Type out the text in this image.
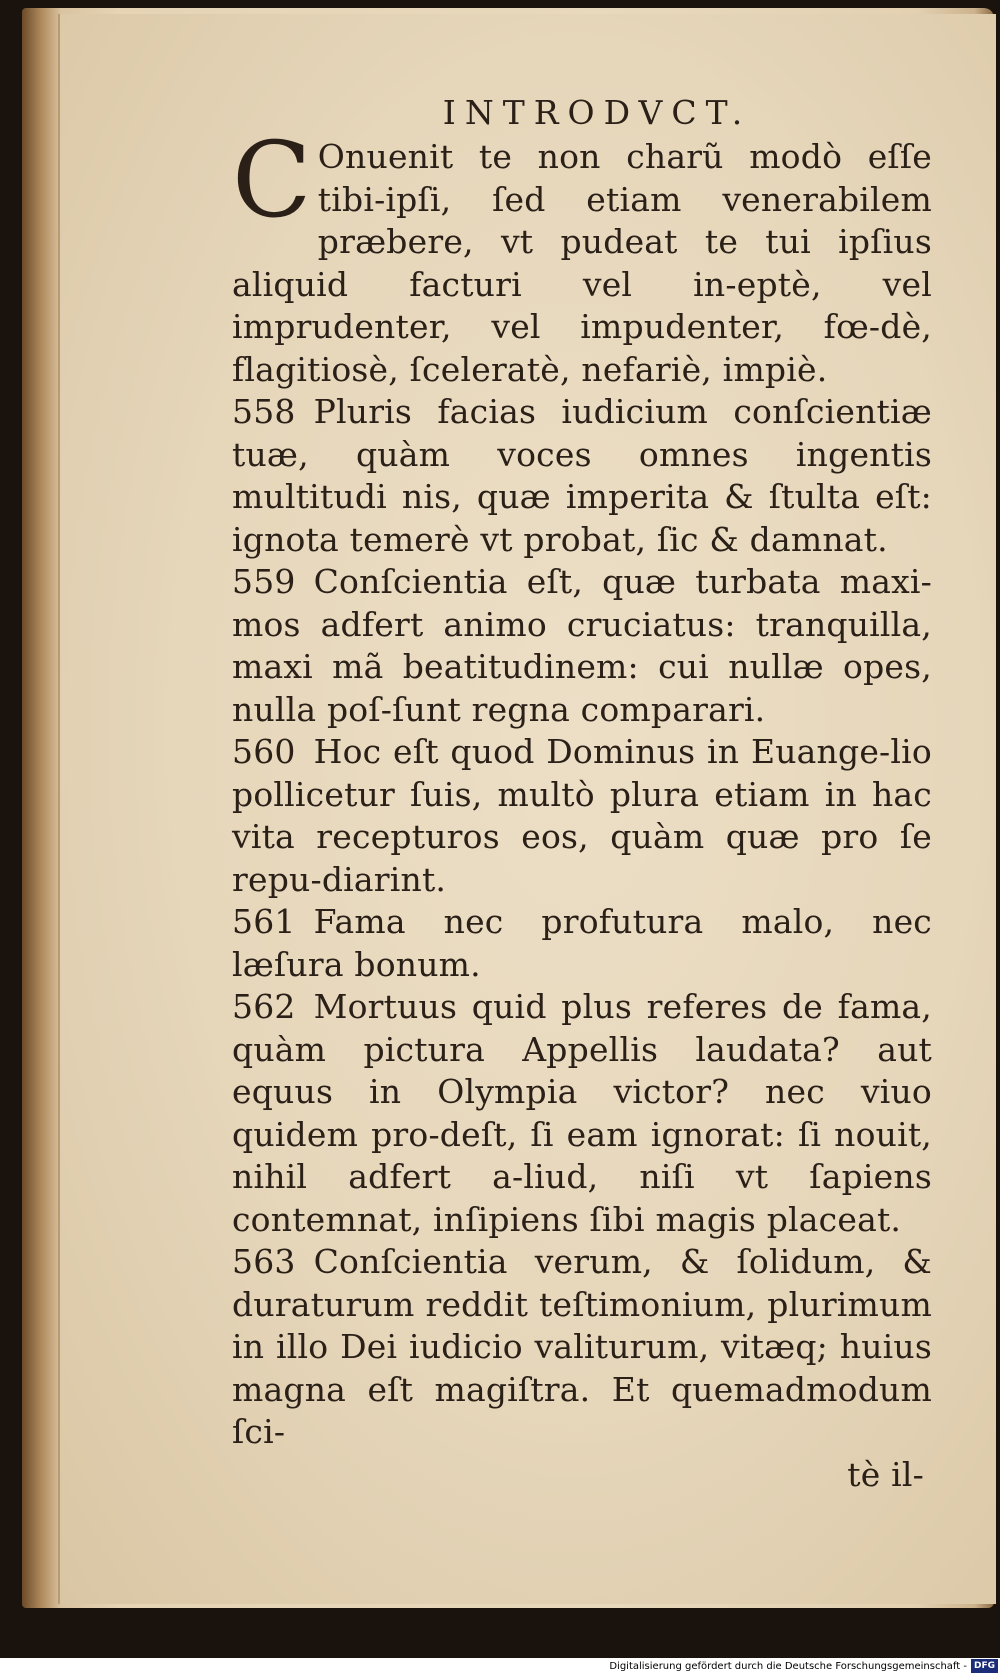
INTRODVCT.

C Onuenit te non charũ modò eſſe tibi-ipſi, ſed etiam venerabilem præbere, vt pudeat te tui ipſius aliquid facturi vel in-eptè, vel imprudenter, vel impudenter, fœ-dè, flagitiosè, ſceleratè, nefariè, impiè.

558 Pluris facias iudicium conſcientiæ tuæ, quàm voces omnes ingentis multitudi nis, quæ imperita & ſtulta eſt: ignota temerè vt probat, ſic & damnat.

559 Conſcientia eſt, quæ turbata maxi-mos adfert animo cruciatus: tranquilla, maxi mã beatitudinem: cui nullæ opes, nulla poſ-ſunt regna comparari.

560 Hoc eſt quod Dominus in Euange-lio pollicetur ſuis, multò plura etiam in hac vita recepturos eos, quàm quæ pro ſe repu-diarint.

561 Fama nec profutura malo, nec læſura bonum.

562 Mortuus quid plus referes de fama, quàm pictura Appellis laudata? aut equus in Olympia victor? nec viuo quidem pro-deſt, ſi eam ignorat: ſi nouit, nihil adfert a-liud, niſi vt ſapiens contemnat, inſipiens ſibi magis placeat.

563 Conſcientia verum, & ſolidum, & duraturum reddit teſtimonium, plurimum in illo Dei iudicio valiturum, vitæq; huius magna eſt magiſtra. Et quemadmodum ſci-

tè il-
Digitalisierung gefördert durch die Deutsche Forschungsgemeinschaft - DFG
